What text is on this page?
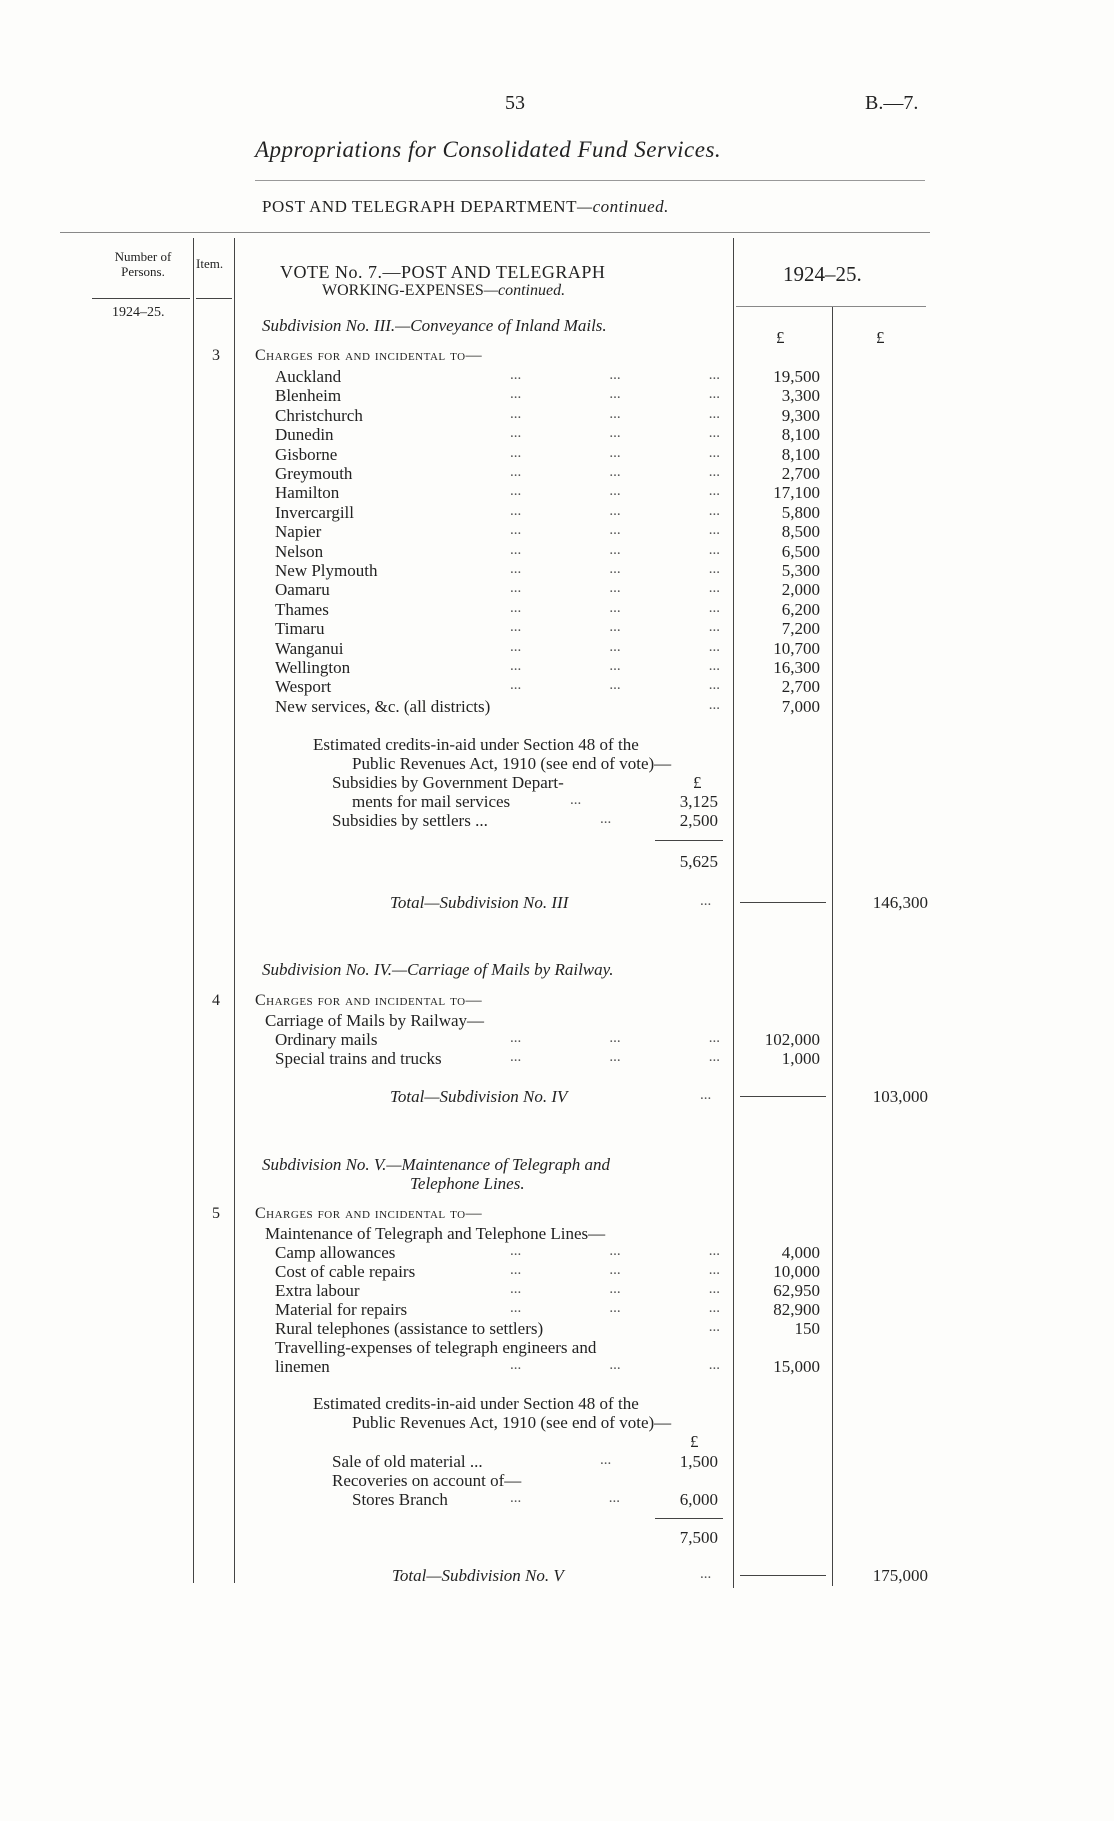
53	B.—7.
Appropriations for Consolidated Fund Services.
POST AND TELEGRAPH DEPARTMENT—continued.
Number of Persons.
Item.
1924–25.
1924–25.
£	£
VOTE No. 7.—POST AND TELEGRAPH
WORKING-EXPENSES—continued.
Subdivision No. III.—Conveyance of Inland Mails.
3 Charges for and incidental to—
Auckland	...	...	...	19,500
Blenheim	...	...	...	3,300
Christchurch	...	...	...	9,300
Dunedin	...	...	...	8,100
Gisborne	...	...	...	8,100
Greymouth	...	...	...	2,700
Hamilton	...	...	...	17,100
Invercargill	...	...	...	5,800
Napier	...	...	...	8,500
Nelson	...	...	...	6,500
New Plymouth	...	...	...	5,300
Oamaru	...	...	...	2,000
Thames	...	...	...	6,200
Timaru	...	...	...	7,200
Wanganui	...	...	...	10,700
Wellington	...	...	...	16,300
Wesport	...	...	...	2,700
New services, &c. (all districts)	...	7,000
Estimated credits-in-aid under Section 48 of the
Public Revenues Act, 1910 (see end of vote)—
Subsidies by Government Depart-	£
ments for mail services	...	3,125
Subsidies by settlers ...	...	2,500
5,625
Total—Subdivision No. III	...	146,300
Subdivision No. IV.—Carriage of Mails by Railway.
4 Charges for and incidental to—
Carriage of Mails by Railway—
Ordinary mails	...	...	...	102,000
Special trains and trucks	...	...	...	1,000
Total—Subdivision No. IV	...	103,000
Subdivision No. V.—Maintenance of Telegraph and
Telephone Lines.
5 Charges for and incidental to—
Maintenance of Telegraph and Telephone Lines—
Camp allowances	...	...	...	4,000
Cost of cable repairs	...	...	...	10,000
Extra labour	...	...	...	62,950
Material for repairs	...	...	...	82,900
Rural telephones (assistance to settlers)	...	150
Travelling-expenses of telegraph engineers and
linemen	...	...	...	15,000
Estimated credits-in-aid under Section 48 of the
Public Revenues Act, 1910 (see end of vote)—
£
Sale of old material ...	...	1,500
Recoveries on account of—
Stores Branch	...	...	6,000
7,500
Total—Subdivision No. V	...	175,000
